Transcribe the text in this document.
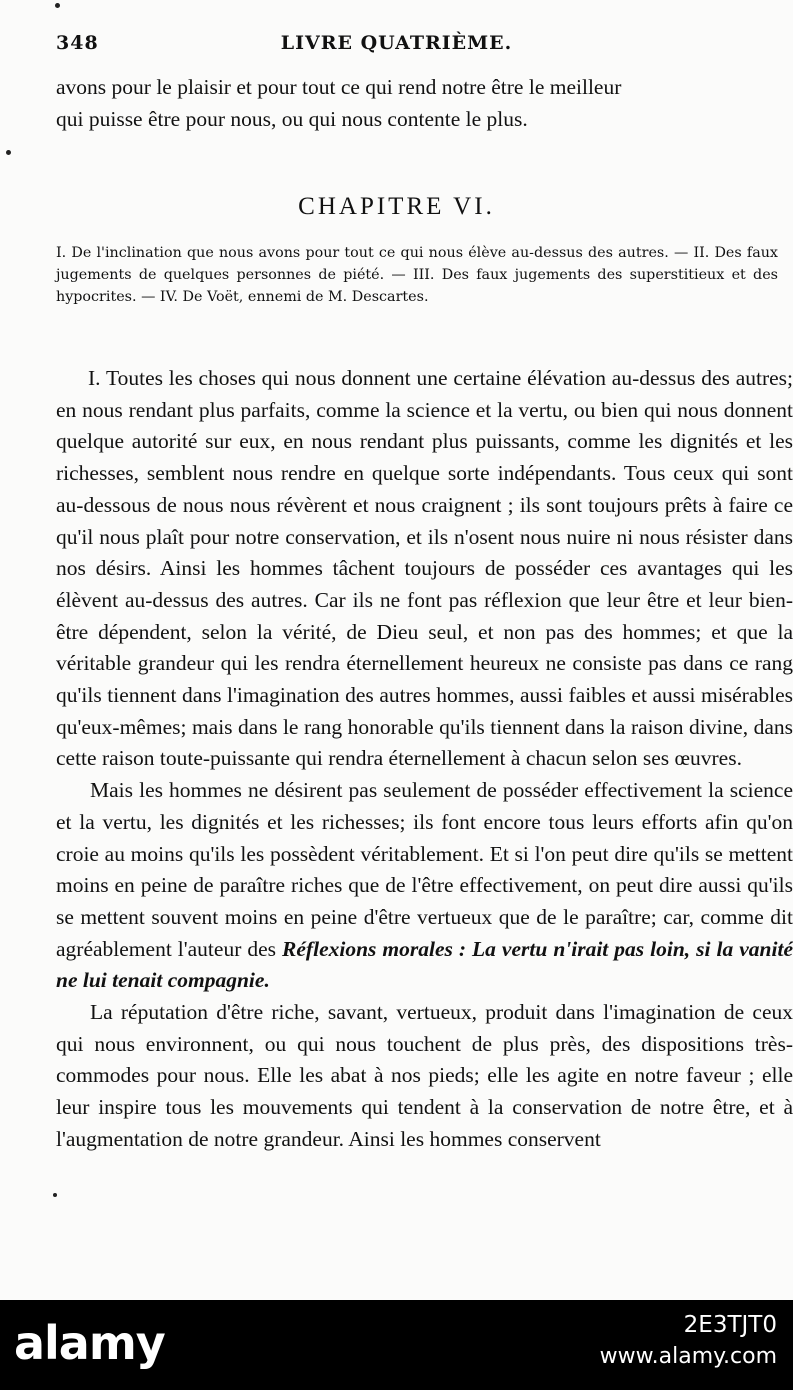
348	LIVRE QUATRIÈME.

avons pour le plaisir et pour tout ce qui rend notre être le meilleur

qui puisse être pour nous, ou qui nous contente le plus.

CHAPITRE VI.
I. De l'inclination que nous avons pour tout ce qui nous élève au-dessus des autres. — II. Des faux jugements de quelques personnes de piété. — III. Des faux jugements des superstitieux et des hypocrites. — IV. De Voët, ennemi de M. Descartes.

I. Toutes les choses qui nous donnent une certaine élévation au-dessus des autres; en nous rendant plus parfaits, comme la science et la vertu, ou bien qui nous donnent quelque autorité sur eux, en nous rendant plus puissants, comme les dignités et les richesses, semblent nous rendre en quelque sorte indépendants. Tous ceux qui sont au-dessous de nous nous révèrent et nous craignent ; ils sont toujours prêts à faire ce qu'il nous plaît pour notre conservation, et ils n'osent nous nuire ni nous résister dans nos désirs. Ainsi les hommes tâchent toujours de posséder ces avantages qui les élèvent au-dessus des autres. Car ils ne font pas réflexion que leur être et leur bien-être dépendent, selon la vérité, de Dieu seul, et non pas des hommes; et que la véritable grandeur qui les rendra éternellement heureux ne consiste pas dans ce rang qu'ils tiennent dans l'imagination des autres hommes, aussi faibles et aussi misérables qu'eux-mêmes; mais dans le rang honorable qu'ils tiennent dans la raison divine, dans cette raison toute-puissante qui rendra éternellement à chacun selon ses œuvres.

Mais les hommes ne désirent pas seulement de posséder effectivement la science et la vertu, les dignités et les richesses; ils font encore tous leurs efforts afin qu'on croie au moins qu'ils les possèdent véritablement. Et si l'on peut dire qu'ils se mettent moins en peine de paraître riches que de l'être effectivement, on peut dire aussi qu'ils se mettent souvent moins en peine d'être vertueux que de le paraître; car, comme dit agréablement l'auteur des Réflexions morales : La vertu n'irait pas loin, si la vanité ne lui tenait compagnie.

La réputation d'être riche, savant, vertueux, produit dans l'imagination de ceux qui nous environnent, ou qui nous touchent de plus près, des dispositions très-commodes pour nous. Elle les abat à nos pieds; elle les agite en notre faveur ; elle leur inspire tous les mouvements qui tendent à la conservation de notre être, et à l'augmentation de notre grandeur. Ainsi les hommes conservent

alamy	2E3TJT0
www.alamy.com
